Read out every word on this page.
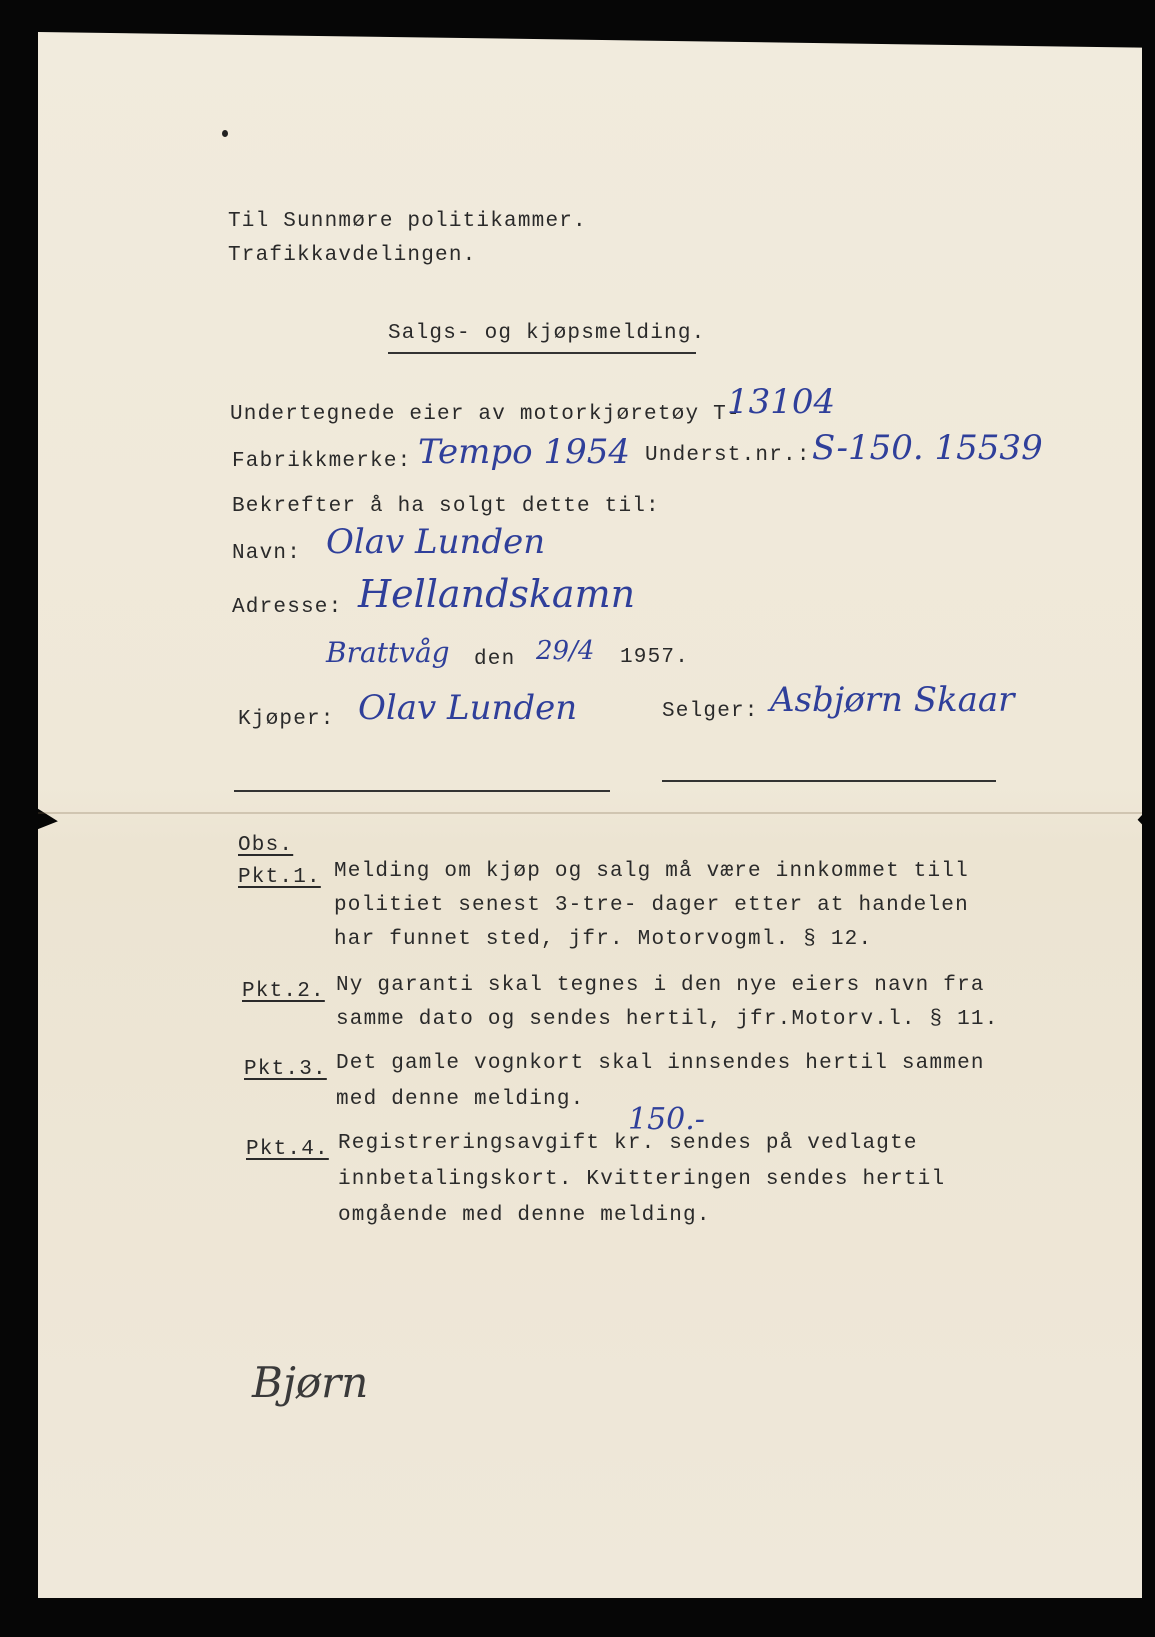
Til Sunnmøre politikammer.
Trafikkavdelingen.
Salgs- og kjøpsmelding.
Undertegnede eier av motorkjøretøy T-
13104
Fabrikkmerke: Tempo 1954 Underst.nr.: S-150. 15539
Bekrefter å ha solgt dette til:
Navn: Olav Lunden
Adresse: Hellandskamn
Brattvåg den 29/4 1957.
Kjøper: Olav Lunden	Selger: Asbjørn Skaar
Obs.
Pkt.1. Melding om kjøp og salg må være innkommet till
politiet senest 3-tre- dager etter at handelen
har funnet sted, jfr. Motorvogml. § 12.
Pkt.2. Ny garanti skal tegnes i den nye eiers navn fra
samme dato og sendes hertil, jfr.Motorv.l. § 11.
Pkt.3. Det gamle vognkort skal innsendes hertil sammen
med denne melding.
Pkt.4. Registreringsavgift kr. sendes på vedlagte
150.-
innbetalingskort. Kvitteringen sendes hertil
omgående med denne melding.
Bjørn
